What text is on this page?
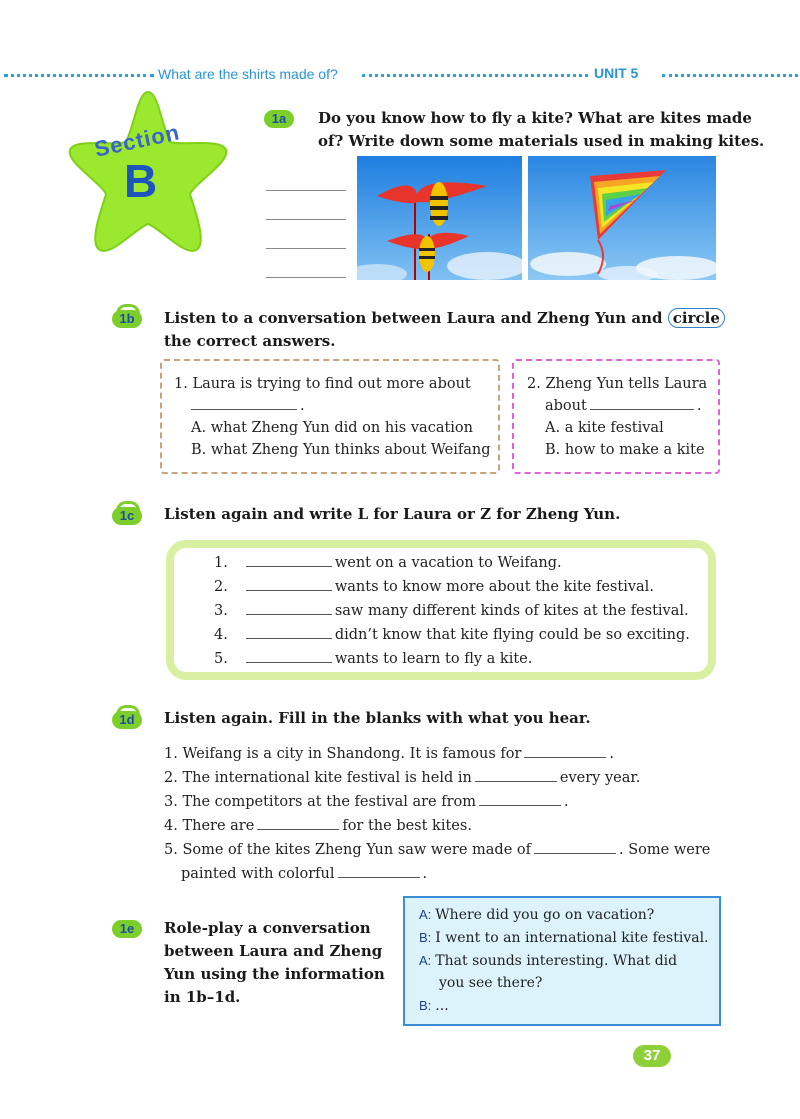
What are the shirts made of?	UNIT 5
Section
B
1a	Do you know how to fly a kite? What are kites made
of? Write down some materials used in making kites.
1b	Listen to a conversation between Laura and Zheng Yun and circle
the correct answers.
1. Laura is trying to find out more about
.
A. what Zheng Yun did on his vacation
B. what Zheng Yun thinks about Weifang
2. Zheng Yun tells Laura
about	.
A. a kite festival
B. how to make a kite
1c	Listen again and write L for Laura or Z for Zheng Yun.
1.	went on a vacation to Weifang.
2.	wants to know more about the kite festival.
3.	saw many different kinds of kites at the festival.
4.	didn’t know that kite flying could be so exciting.
5.	wants to learn to fly a kite.
1d	Listen again. Fill in the blanks with what you hear.
1. Weifang is a city in Shandong. It is famous for	.
2. The international kite festival is held in	every year.
3. The competitors at the festival are from	.
4. There are	for the best kites.
5. Some of the kites Zheng Yun saw were made of	. Some were
painted with colorful	.
1e	Role-play a conversation
between Laura and Zheng
Yun using the information
in 1b–1d.
A: Where did you go on vacation?
B: I went to an international kite festival.
A: That sounds interesting. What did
you see there?
B: ...
37
